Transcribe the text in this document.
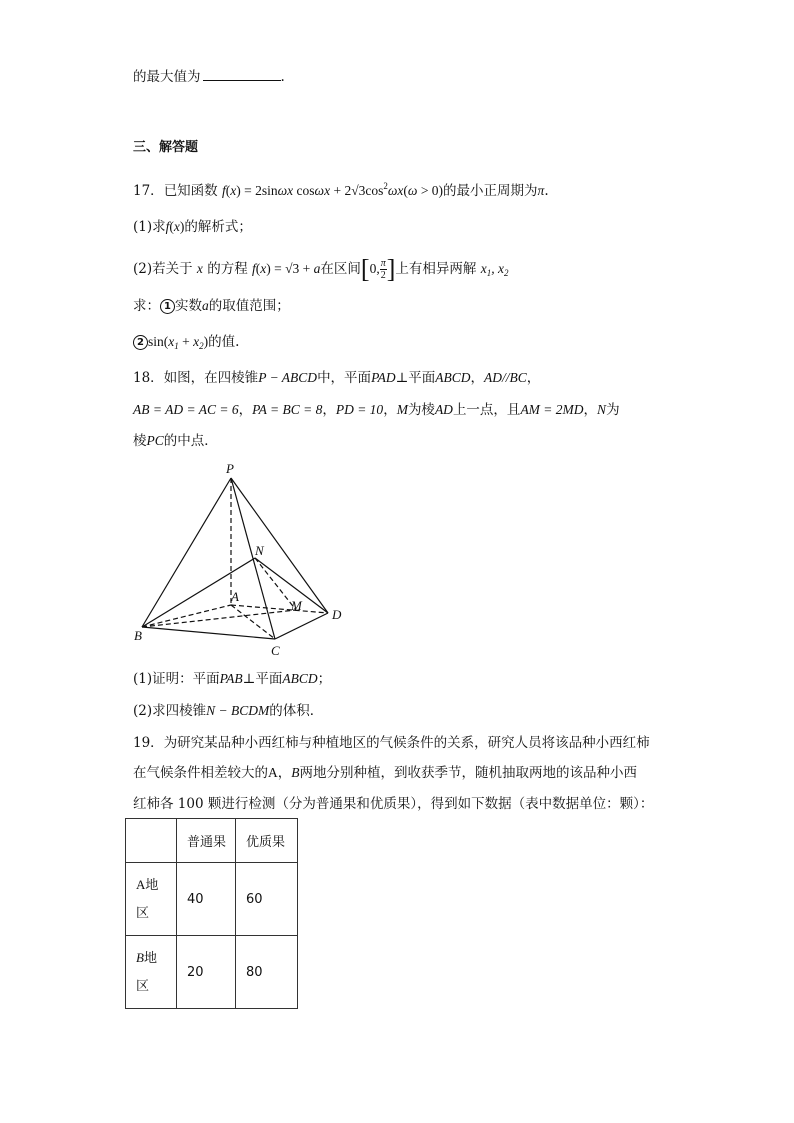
的最大值为	.
三、解答题
17．已知函数 f(x) = 2sinωx $\cos\omega x + 2√3\cos^2\omega x(\omega > 0)$的最小正周期为π.
(1)求f(x)的解析式；
(2)若关于 x 的方程 f(x) = √3 + a在区间[0, $\frac{\pi}{2}$ ]上有相异两解 $x_1$, $x_2$
求： 1 实数a的取值范围；
2 $\sin(x_1 + x_2)$的值.
18．如图，在四棱锥P − ABCD中，平面PAD⊥平面ABCD，AD//BC，
AB = AD = AC = 6，PA = BC = 8，PD = 10，M为棱AD上一点，且AM = 2MD，N为
棱PC的中点．
P
N
A
M
D
B
C
(1)证明：平面PAB⊥平面ABCD；
(2)求四棱锥N − BCDM的体积．
19．为研究某品种小西红柿与种植地区的气候条件的关系，研究人员将该品种小西红柿
在气候条件相差较大的A，B两地分别种植，到收获季节，随机抽取两地的该品种小西
红柿各 100 颗进行检测（分为普通果和优质果），得到如下数据（表中数据单位：颗）：
	普通果	优质果
A地
区	40	60
B地
区	20	80
